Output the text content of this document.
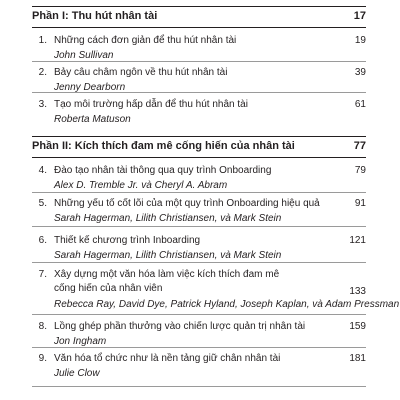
Phần I: Thu hút nhân tài	17
1. Những cách đơn giản để thu hút nhân tài	19
John Sullivan
2. Bảy câu châm ngôn về thu hút nhân tài	39
Jenny Dearborn
3. Tạo môi trường hấp dẫn để thu hút nhân tài	61
Roberta Matuson
Phần II: Kích thích đam mê cống hiến của nhân tài	77
4. Đào tạo nhân tài thông qua quy trình Onboarding	79
Alex D. Tremble Jr. và Cheryl A. Abram
5. Những yếu tố cốt lõi của một quy trình Onboarding hiệu quả	91
Sarah Hagerman, Lilith Christiansen, và Mark Stein
6. Thiết kế chương trình Inboarding	121
Sarah Hagerman, Lilith Christiansen, và Mark Stein
7. Xây dựng một văn hóa làm việc kích thích đam mê
cống hiến của nhân viên	133
Rebecca Ray, David Dye, Patrick Hyland, Joseph Kaplan, và Adam Pressman
8. Lồng ghép phần thưởng vào chiến lược quản trị nhân tài	159
Jon Ingham
9. Văn hóa tổ chức như là nền tảng giữ chân nhân tài	181
Julie Clow
